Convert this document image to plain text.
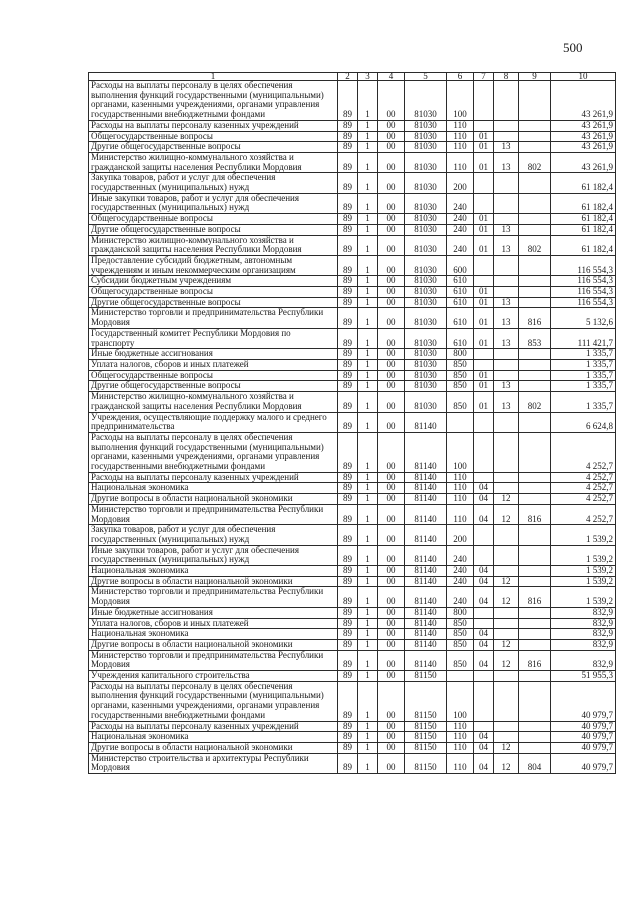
500
1	2	3	4	5	6	7	8	9	10
Расходы на выплаты персоналу в целях обеспечения выполнения функций государственными (муниципальными) органами, казенными учреждениями, органами управления государственными внебюджетными фондами	89	1	00	81030	100				43 261,9
Расходы на выплаты персоналу казенных учреждений	89	1	00	81030	110				43 261,9
Общегосударственные вопросы	89	1	00	81030	110	01			43 261,9
Другие общегосударственные вопросы	89	1	00	81030	110	01	13		43 261,9
Министерство жилищно-коммунального хозяйства и гражданской защиты населения Республики Мордовия	89	1	00	81030	110	01	13	802	43 261,9
Закупка товаров, работ и услуг для обеспечения государственных (муниципальных) нужд	89	1	00	81030	200				61 182,4
Иные закупки товаров, работ и услуг для обеспечения государственных (муниципальных) нужд	89	1	00	81030	240				61 182,4
Общегосударственные вопросы	89	1	00	81030	240	01			61 182,4
Другие общегосударственные вопросы	89	1	00	81030	240	01	13		61 182,4
Министерство жилищно-коммунального хозяйства и гражданской защиты населения Республики Мордовия	89	1	00	81030	240	01	13	802	61 182,4
Предоставление субсидий бюджетным, автономным учреждениям и иным некоммерческим организациям	89	1	00	81030	600				116 554,3
Субсидии бюджетным учреждениям	89	1	00	81030	610				116 554,3
Общегосударственные вопросы	89	1	00	81030	610	01			116 554,3
Другие общегосударственные вопросы	89	1	00	81030	610	01	13		116 554,3
Министерство торговли и предпринимательства Республики Мордовия	89	1	00	81030	610	01	13	816	5 132,6
Государственный комитет Республики Мордовия по транспорту	89	1	00	81030	610	01	13	853	111 421,7
Иные бюджетные ассигнования	89	1	00	81030	800				1 335,7
Уплата налогов, сборов и иных платежей	89	1	00	81030	850				1 335,7
Общегосударственные вопросы	89	1	00	81030	850	01			1 335,7
Другие общегосударственные вопросы	89	1	00	81030	850	01	13		1 335,7
Министерство жилищно-коммунального хозяйства и гражданской защиты населения Республики Мордовия	89	1	00	81030	850	01	13	802	1 335,7
Учреждения, осуществляющие поддержку малого и среднего предпринимательства	89	1	00	81140					6 624,8
Расходы на выплаты персоналу в целях обеспечения выполнения функций государственными (муниципальными) органами, казенными учреждениями, органами управления государственными внебюджетными фондами	89	1	00	81140	100				4 252,7
Расходы на выплаты персоналу казенных учреждений	89	1	00	81140	110				4 252,7
Национальная экономика	89	1	00	81140	110	04			4 252,7
Другие вопросы в области национальной экономики	89	1	00	81140	110	04	12		4 252,7
Министерство торговли и предпринимательства Республики Мордовия	89	1	00	81140	110	04	12	816	4 252,7
Закупка товаров, работ и услуг для обеспечения государственных (муниципальных) нужд	89	1	00	81140	200				1 539,2
Иные закупки товаров, работ и услуг для обеспечения государственных (муниципальных) нужд	89	1	00	81140	240				1 539,2
Национальная экономика	89	1	00	81140	240	04			1 539,2
Другие вопросы в области национальной экономики	89	1	00	81140	240	04	12		1 539,2
Министерство торговли и предпринимательства Республики Мордовия	89	1	00	81140	240	04	12	816	1 539,2
Иные бюджетные ассигнования	89	1	00	81140	800				832,9
Уплата налогов, сборов и иных платежей	89	1	00	81140	850				832,9
Национальная экономика	89	1	00	81140	850	04			832,9
Другие вопросы в области национальной экономики	89	1	00	81140	850	04	12		832,9
Министерство торговли и предпринимательства Республики Мордовия	89	1	00	81140	850	04	12	816	832,9
Учреждения капитального строительства	89	1	00	81150					51 955,3
Расходы на выплаты персоналу в целях обеспечения выполнения функций государственными (муниципальными) органами, казенными учреждениями, органами управления государственными внебюджетными фондами	89	1	00	81150	100				40 979,7
Расходы на выплаты персоналу казенных учреждений	89	1	00	81150	110				40 979,7
Национальная экономика	89	1	00	81150	110	04			40 979,7
Другие вопросы в области национальной экономики	89	1	00	81150	110	04	12		40 979,7
Министерство строительства и архитектуры Республики Мордовия	89	1	00	81150	110	04	12	804	40 979,7
